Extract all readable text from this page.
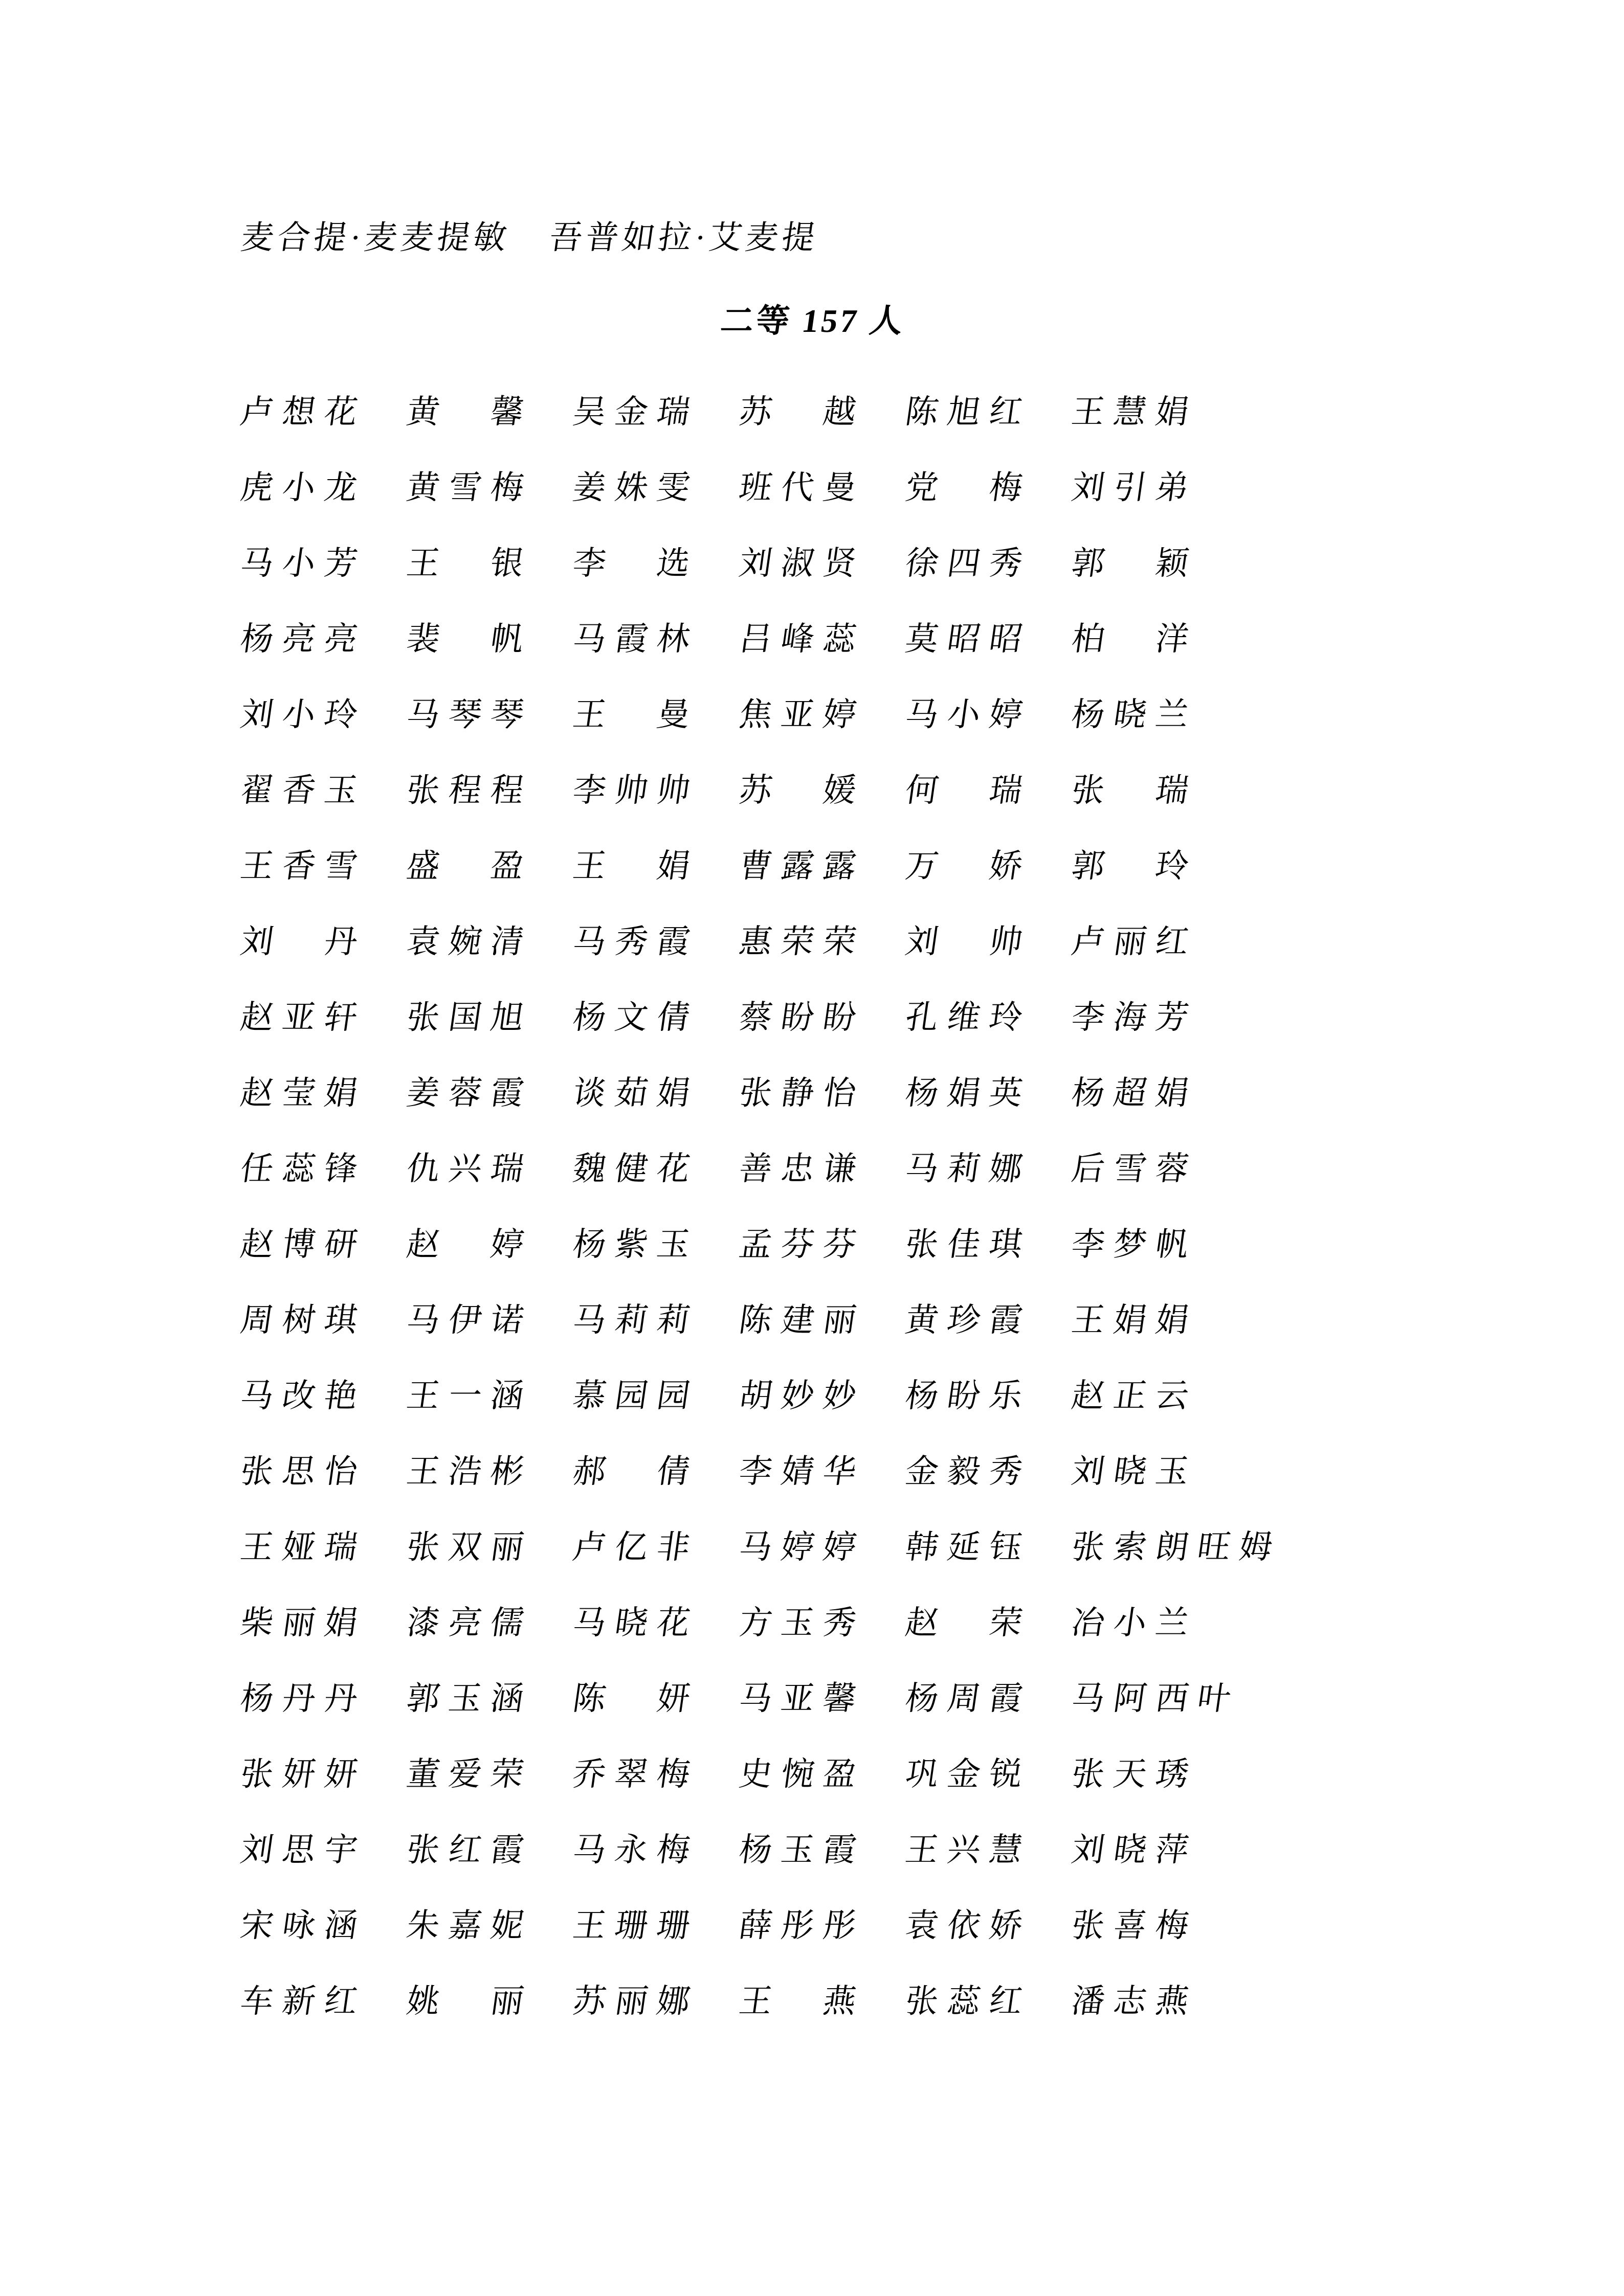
麦合提·麦麦提敏 吾普如拉·艾麦提
二等 157 人
卢想花	黄　馨	吴金瑞	苏　越	陈旭红	王慧娟
虎小龙	黄雪梅	姜姝雯	班代曼	党　梅	刘引弟
马小芳	王　银	李　选	刘淑贤	徐四秀	郭　颖
杨亮亮	裴　帆	马霞林	吕峰蕊	莫昭昭	柏　洋
刘小玲	马琴琴	王　曼	焦亚婷	马小婷	杨晓兰
翟香玉	张程程	李帅帅	苏　媛	何　瑞	张　瑞
王香雪	盛　盈	王　娟	曹露露	万　娇	郭　玲
刘　丹	袁婉清	马秀霞	惠荣荣	刘　帅	卢丽红
赵亚轩	张国旭	杨文倩	蔡盼盼	孔维玲	李海芳
赵莹娟	姜蓉霞	谈茹娟	张静怡	杨娟英	杨超娟
任蕊锋	仇兴瑞	魏健花	善忠谦	马莉娜	后雪蓉
赵博研	赵　婷	杨紫玉	孟芬芬	张佳琪	李梦帆
周树琪	马伊诺	马莉莉	陈建丽	黄珍霞	王娟娟
马改艳	王一涵	慕园园	胡妙妙	杨盼乐	赵正云
张思怡	王浩彬	郝　倩	李婧华	金毅秀	刘晓玉
王娅瑞	张双丽	卢亿非	马婷婷	韩延钰	张索朗旺姆
柴丽娟	漆亮儒	马晓花	方玉秀	赵　荣	冶小兰
杨丹丹	郭玉涵	陈　妍	马亚馨	杨周霞	马阿西叶
张妍妍	董爱荣	乔翠梅	史惋盈	巩金锐	张天琇
刘思宇	张红霞	马永梅	杨玉霞	王兴慧	刘晓萍
宋咏涵	朱嘉妮	王珊珊	薛彤彤	袁依娇	张喜梅
车新红	姚　丽	苏丽娜	王　燕	张蕊红	潘志燕
